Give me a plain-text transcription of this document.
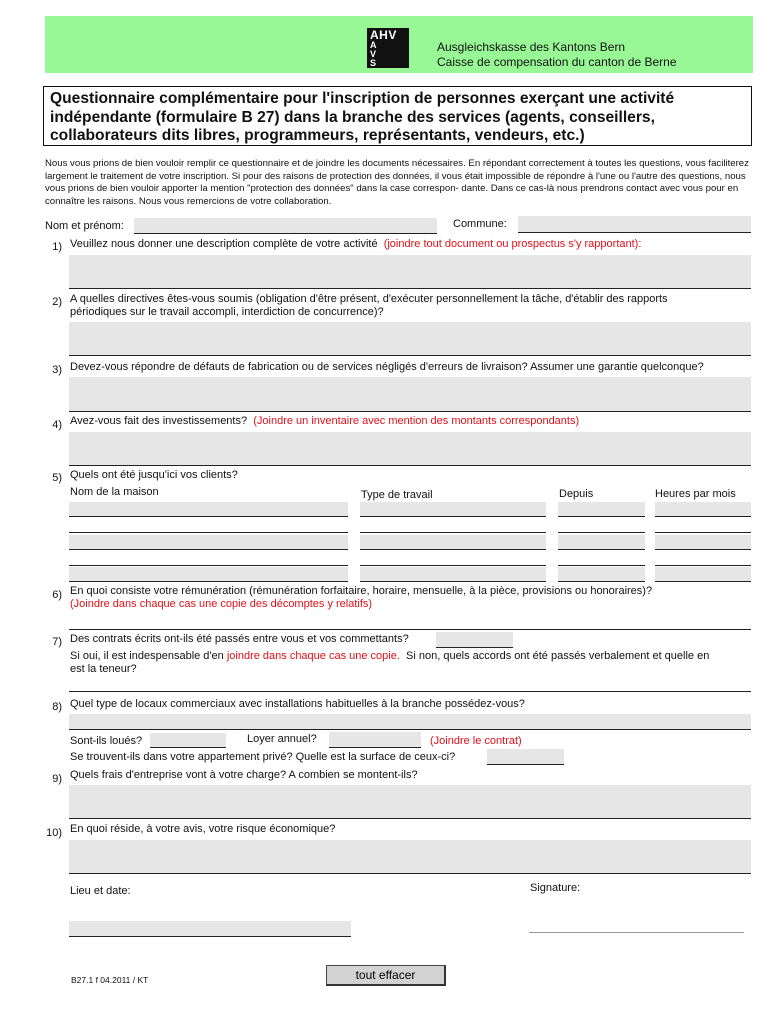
AHV
AVS
Ausgleichskasse des Kantons Bern
Caisse de compensation du canton de Berne
Questionnaire complémentaire pour l'inscription de personnes exerçant une activité indépendante (formulaire B 27) dans la branche des services (agents, conseillers, collaborateurs dits libres, programmeurs, représentants, vendeurs, etc.)
Nous vous prions de bien vouloir remplir ce questionnaire et de joindre les documents nécessaires. En répondant correctement à toutes les questions, vous faciliterez largement le traitement de votre inscription. Si pour des raisons de protection des données, il vous était impossible de répondre à l'une ou l'autre des questions, nous vous prions de bien vouloir apporter la mention "protection des données" dans la case correspon- dante. Dans ce cas-là nous prendrons contact avec vous pour en connaître les raisons. Nous vous remercions de votre collaboration.
Nom et prénom:	Commune:
1) Veuillez nous donner une description complète de votre activité (joindre tout document ou prospectus s'y rapportant):
2) A quelles directives êtes-vous soumis (obligation d'être présent, d'exécuter personnellement la tâche, d'établir des rapports
périodiques sur le travail accompli, interdiction de concurrence)?
3) Devez-vous répondre de défauts de fabrication ou de services négligés d'erreurs de livraison? Assumer une garantie quelconque?
4) Avez-vous fait des investissements? (Joindre un inventaire avec mention des montants correspondants)
5) Quels ont été jusqu'ici vos clients?
Nom de la maison	Type de travail	Depuis	Heures par mois
6) En quoi consiste votre rémunération (rémunération forfaitaire, horaire, mensuelle, à la pièce, provisions ou honoraires)?
(Joindre dans chaque cas une copie des décomptes y relatifs)
7) Des contrats écrits ont-ils été passés entre vous et vos commettants?
Si oui, il est indespensable d'en joindre dans chaque cas une copie. Si non, quels accords ont été passés verbalement et quelle en
est la teneur?
8) Quel type de locaux commerciaux avec installations habituelles à la branche possédez-vous?
Sont-ils loués?	Loyer annuel?	(Joindre le contrat)
Se trouvent-ils dans votre appartement privé? Quelle est la surface de ceux-ci?
9) Quels frais d'entreprise vont à votre charge? A combien se montent-ils?
10) En quoi réside, à votre avis, votre risque économique?
Lieu et date:	Signature:
B27.1 f 04.2011 / KT	tout effacer
